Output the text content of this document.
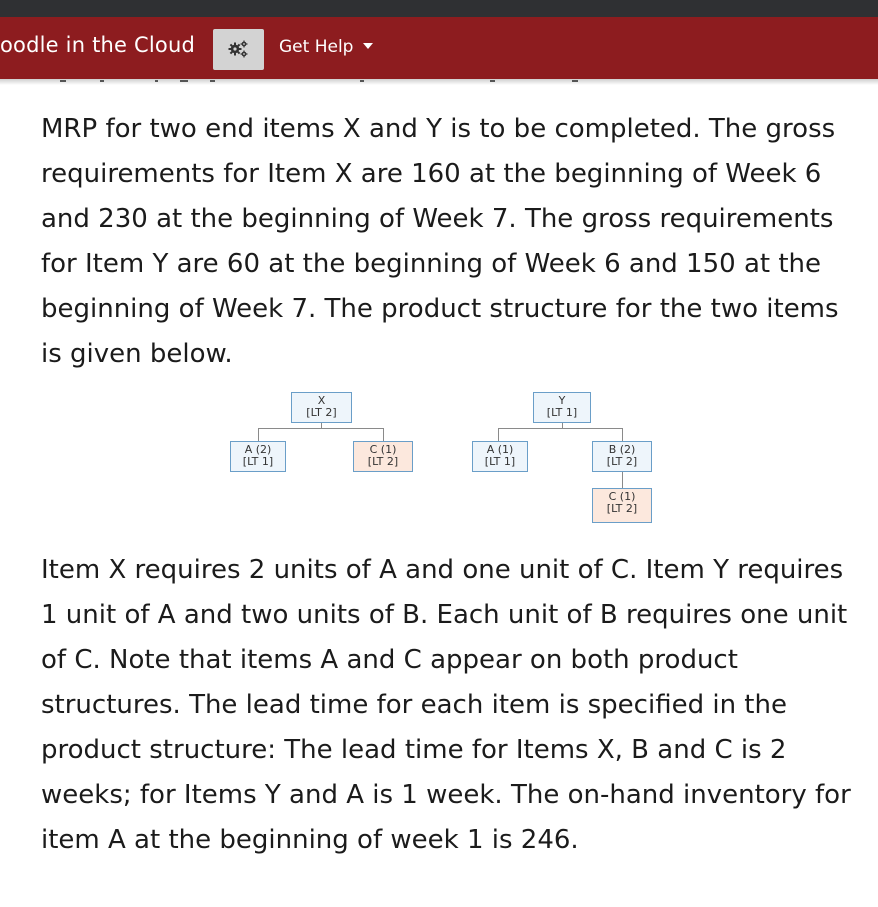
oodle in the Cloud	Get Help

MRP for two end items X and Y is to be completed. The gross requirements for Item X are 160 at the beginning of Week 6 and 230 at the beginning of Week 7. The gross requirements for Item Y are 60 at the beginning of Week 6 and 150 at the beginning of Week 7. The product structure for the two items is given below.

X
[LT 2]
A (2)
[LT 1]
C (1)
[LT 2]
Y
[LT 1]
A (1)
[LT 1]
B (2)
[LT 2]
C (1)
[LT 2]

Item X requires 2 units of A and one unit of C. Item Y requires 1 unit of A and two units of B. Each unit of B requires one unit of C. Note that items A and C appear on both product structures. The lead time for each item is specified in the product structure: The lead time for Items X, B and C is 2 weeks; for Items Y and A is 1 week. The on-hand inventory for item A at the beginning of week 1 is 246.
